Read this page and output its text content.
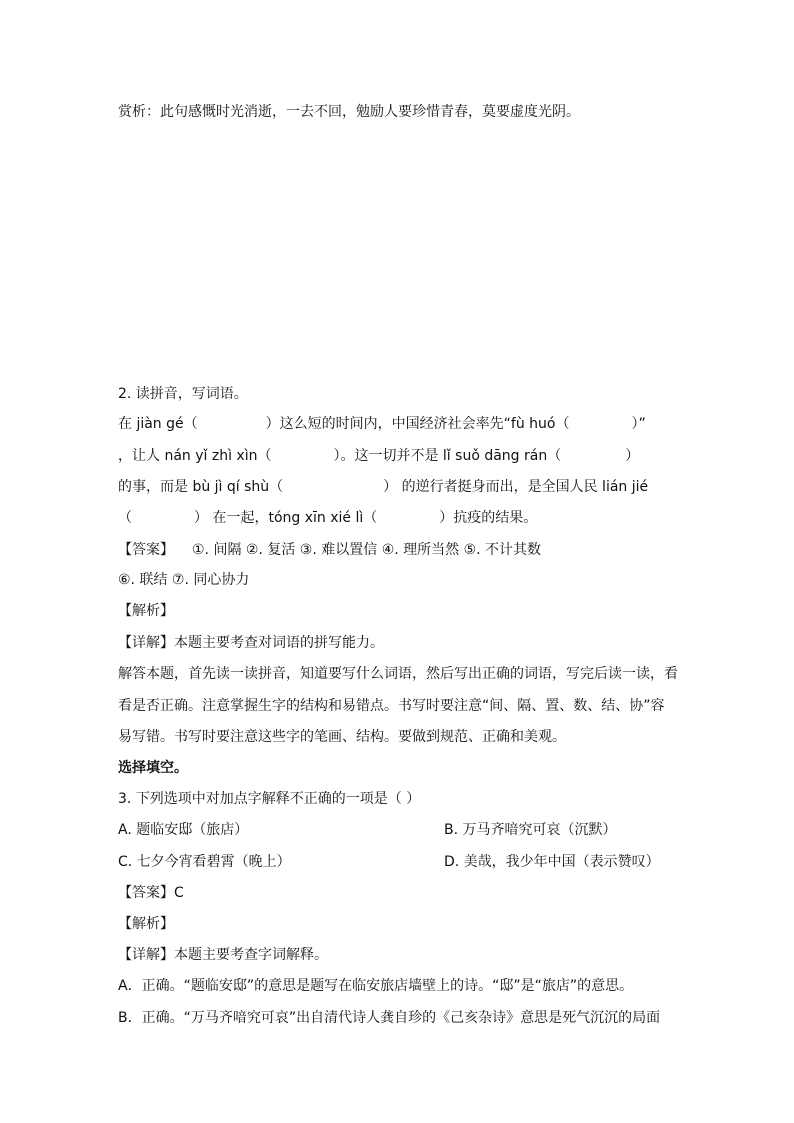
赏析：此句感慨时光消逝，一去不回，勉励人要珍惜青春，莫要虚度光阴。
2. 读拼音，写词语。
在 jiàn gé（	）这么短的时间内，中国经济社会率先“fù huó（	）”
，让人 nán yǐ zhì xìn（	）。这一切并不是 lǐ suǒ dāng rán（	）
的事，而是 bù jì qí shù（	） 的逆行者挺身而出，是全国人民 lián jié
（	） 在一起，tóng xīn xié lì（	）抗疫的结果。
【答案】 ①. 间隔 ②. 复活 ③. 难以置信 ④. 理所当然 ⑤. 不计其数
⑥. 联结 ⑦. 同心协力
【解析】
【详解】本题主要考查对词语的拼写能力。
解答本题，首先读一读拼音，知道要写什么词语，然后写出正确的词语，写完后读一读，看
看是否正确。注意掌握生字的结构和易错点。书写时要注意“间、隔、置、数、结、协”容
易写错。书写时要注意这些字的笔画、结构。要做到规范、正确和美观。
选择填空。
3. 下列选项中对加点字解释不正确的一项是（ ）
A. 题临安邸（旅店）	B. 万马齐喑究可哀（沉默）
C. 七夕今宵看碧霄（晚上）	D. 美哉，我少年中国（表示赞叹）
【答案】C
【解析】
【详解】本题主要考查字词解释。
A．正确。“题临安邸”的意思是题写在临安旅店墙壁上的诗。“邸”是“旅店”的意思。
B．正确。“万马齐喑究可哀”出自清代诗人龚自珍的《己亥杂诗》意思是死气沉沉的局面
